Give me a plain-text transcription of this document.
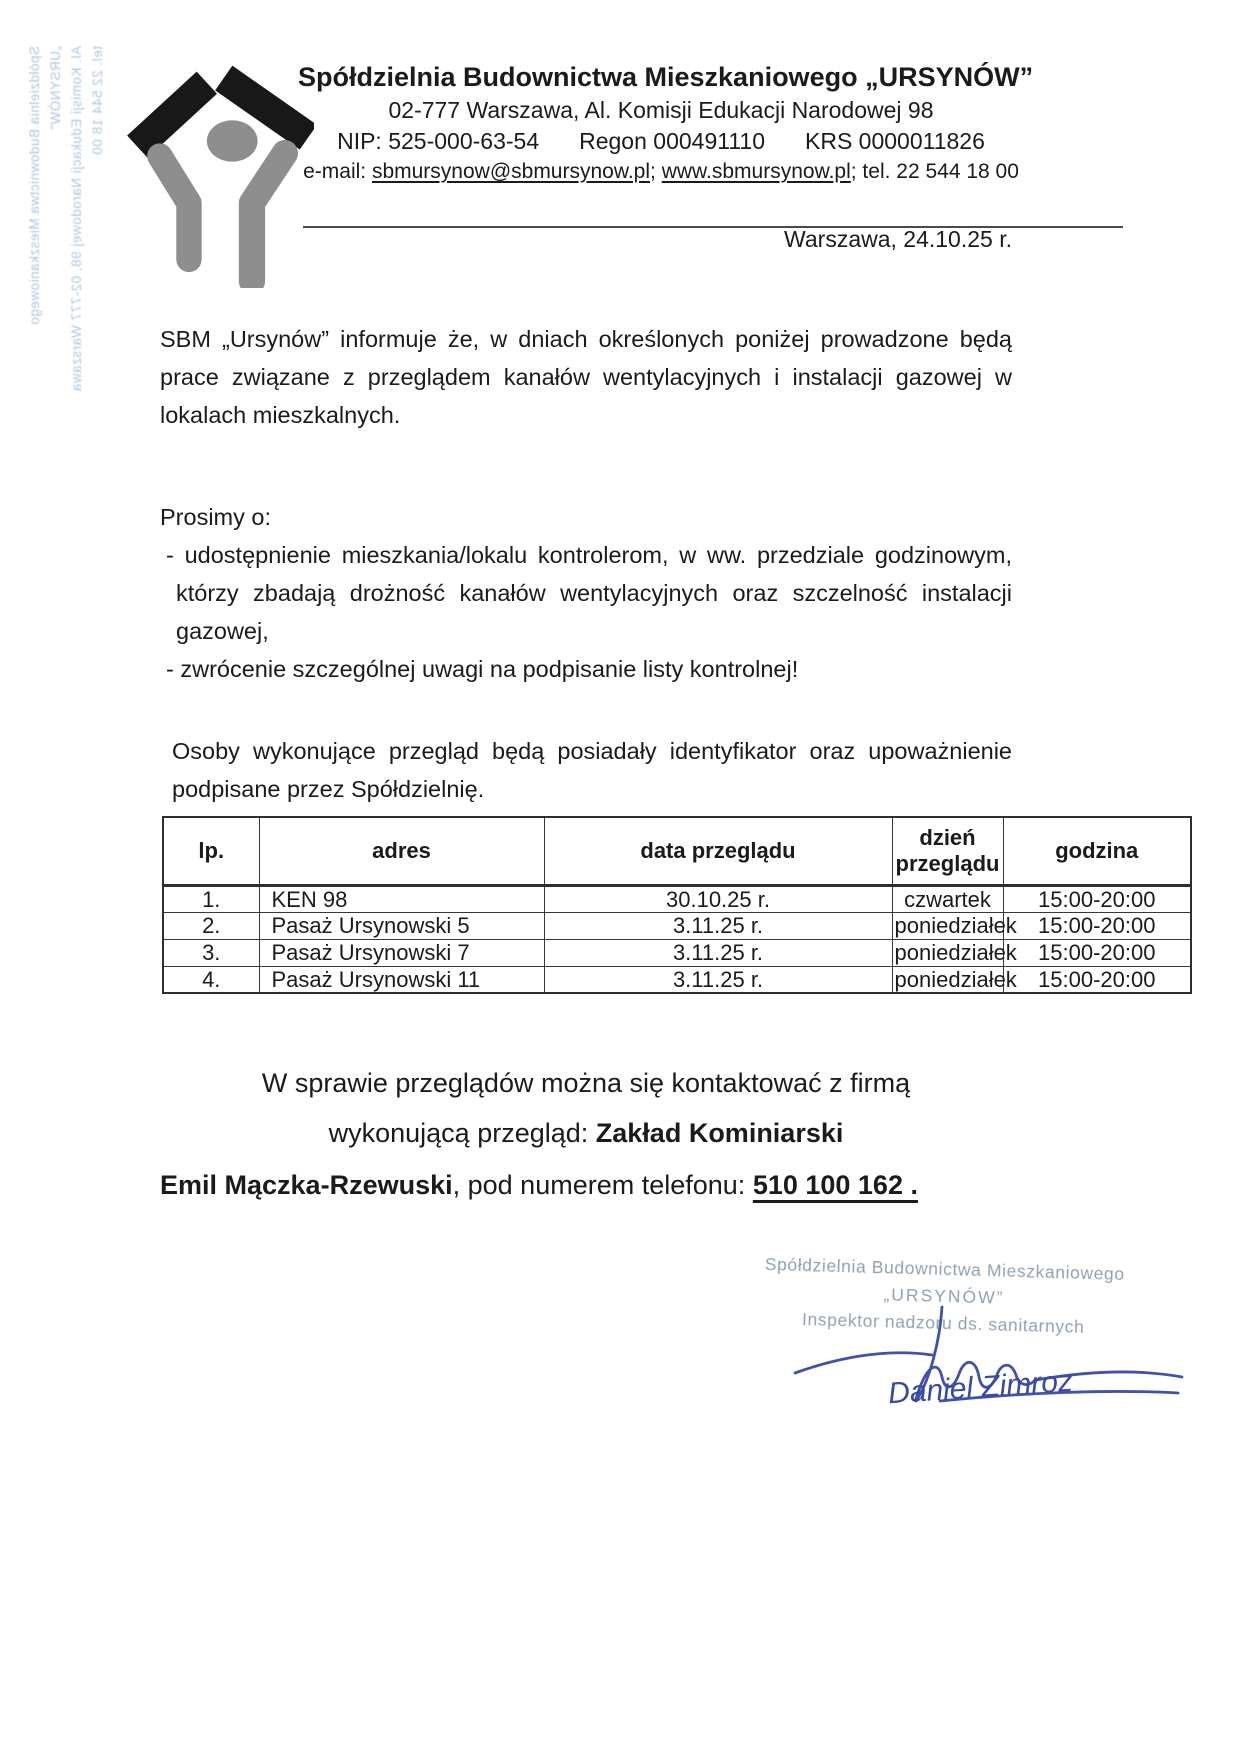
Spółdzielnia Budownictwa Mieszkaniowego „URSYNÓW” Al. Komisji Edukacji Narodowej 98, 02-777 Warszawa tel. 22 544 18 00	Spółdzielnia Budownictwa Mieszkaniowego „URSYNÓW”
02-777 Warszawa, Al. Komisji Edukacji Narodowej 98
NIP: 525-000-63-54 Regon 000491110 KRS 0000011826
e-mail: sbmursynow@sbmursynow.pl; www.sbmursynow.pl; tel. 22 544 18 00
Warszawa, 24.10.25 r.

SBM „Ursynów” informuje że, w dniach określonych poniżej prowadzone będą prace związane z przeglądem kanałów wentylacyjnych i instalacji gazowej w lokalach mieszkalnych.

Prosimy o:

- udostępnienie mieszkania/lokalu kontrolerom, w ww. przedziale godzinowym, którzy zbadają drożność kanałów wentylacyjnych oraz szczelność instalacji gazowej,
- zwrócenie szczególnej uwagi na podpisanie listy kontrolnej!

Osoby wykonujące przegląd będą posiadały identyfikator oraz upoważnienie podpisane przez Spółdzielnię.

lp.	adres	data przeglądu	dzień przeglądu	godzina
1.	KEN 98	30.10.25 r.	czwartek	15:00-20:00
2.	Pasaż Ursynowski 5	3.11.25 r.	poniedziałek	15:00-20:00
3.	Pasaż Ursynowski 7	3.11.25 r.	poniedziałek	15:00-20:00
4.	Pasaż Ursynowski 11	3.11.25 r.	poniedziałek	15:00-20:00
W sprawie przeglądów można się kontaktować z firmą
wykonującą przegląd: Zakład Kominiarski
Emil Mączka-Rzewuski, pod numerem telefonu: 510 100 162 .
Spółdzielnia Budownictwa Mieszkaniowego
„URSYNÓW”
Inspektor nadzoru ds. sanitarnych
Daniel Zimroz
